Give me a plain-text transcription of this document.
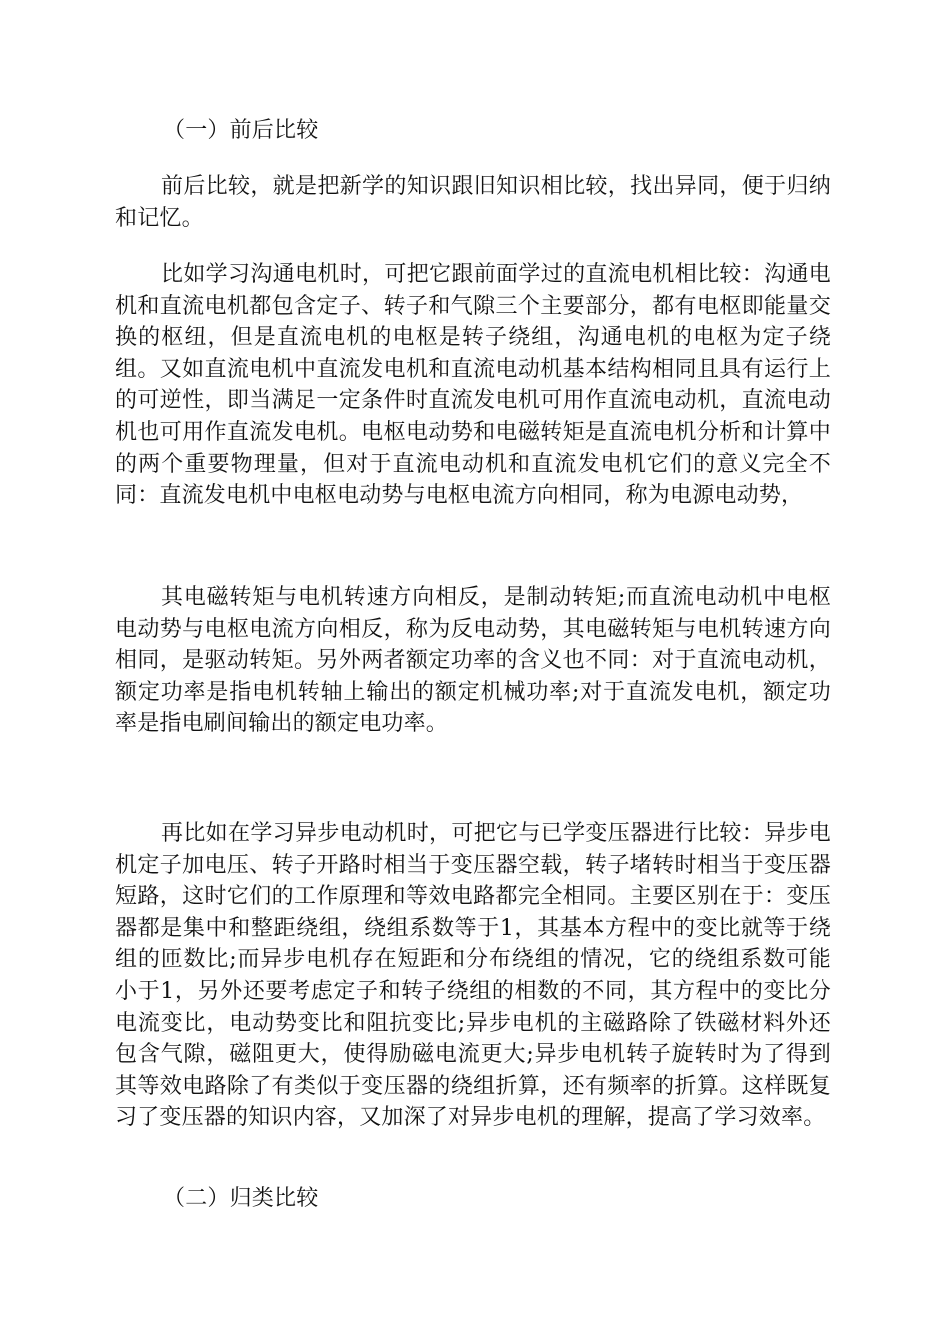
（一）前后比较

前后比较，就是把新学的知识跟旧知识相比较，找出异同，便于归纳和记忆。

比如学习沟通电机时，可把它跟前面学过的直流电机相比较：沟通电机和直流电机都包含定子、转子和气隙三个主要部分，都有电枢即能量交换的枢纽，但是直流电机的电枢是转子绕组，沟通电机的电枢为定子绕组。又如直流电机中直流发电机和直流电动机基本结构相同且具有运行上的可逆性，即当满足一定条件时直流发电机可用作直流电动机，直流电动机也可用作直流发电机。电枢电动势和电磁转矩是直流电机分析和计算中的两个重要物理量，但对于直流电动机和直流发电机它们的意义完全不同：直流发电机中电枢电动势与电枢电流方向相同，称为电源电动势，

其电磁转矩与电机转速方向相反，是制动转矩;而直流电动机中电枢电动势与电枢电流方向相反，称为反电动势，其电磁转矩与电机转速方向相同，是驱动转矩。另外两者额定功率的含义也不同：对于直流电动机，额定功率是指电机转轴上输出的额定机械功率;对于直流发电机，额定功率是指电刷间输出的额定电功率。

再比如在学习异步电动机时，可把它与已学变压器进行比较：异步电机定子加电压、转子开路时相当于变压器空载，转子堵转时相当于变压器短路，这时它们的工作原理和等效电路都完全相同。主要区别在于：变压器都是集中和整距绕组，绕组系数等于1，其基本方程中的变比就等于绕组的匝数比;而异步电机存在短距和分布绕组的情况，它的绕组系数可能小于1，另外还要考虑定子和转子绕组的相数的不同，其方程中的变比分电流变比，电动势变比和阻抗变比;异步电机的主磁路除了铁磁材料外还包含气隙，磁阻更大，使得励磁电流更大;异步电机转子旋转时为了得到其等效电路除了有类似于变压器的绕组折算，还有频率的折算。这样既复习了变压器的知识内容，又加深了对异步电机的理解，提高了学习效率。

（二）归类比较
